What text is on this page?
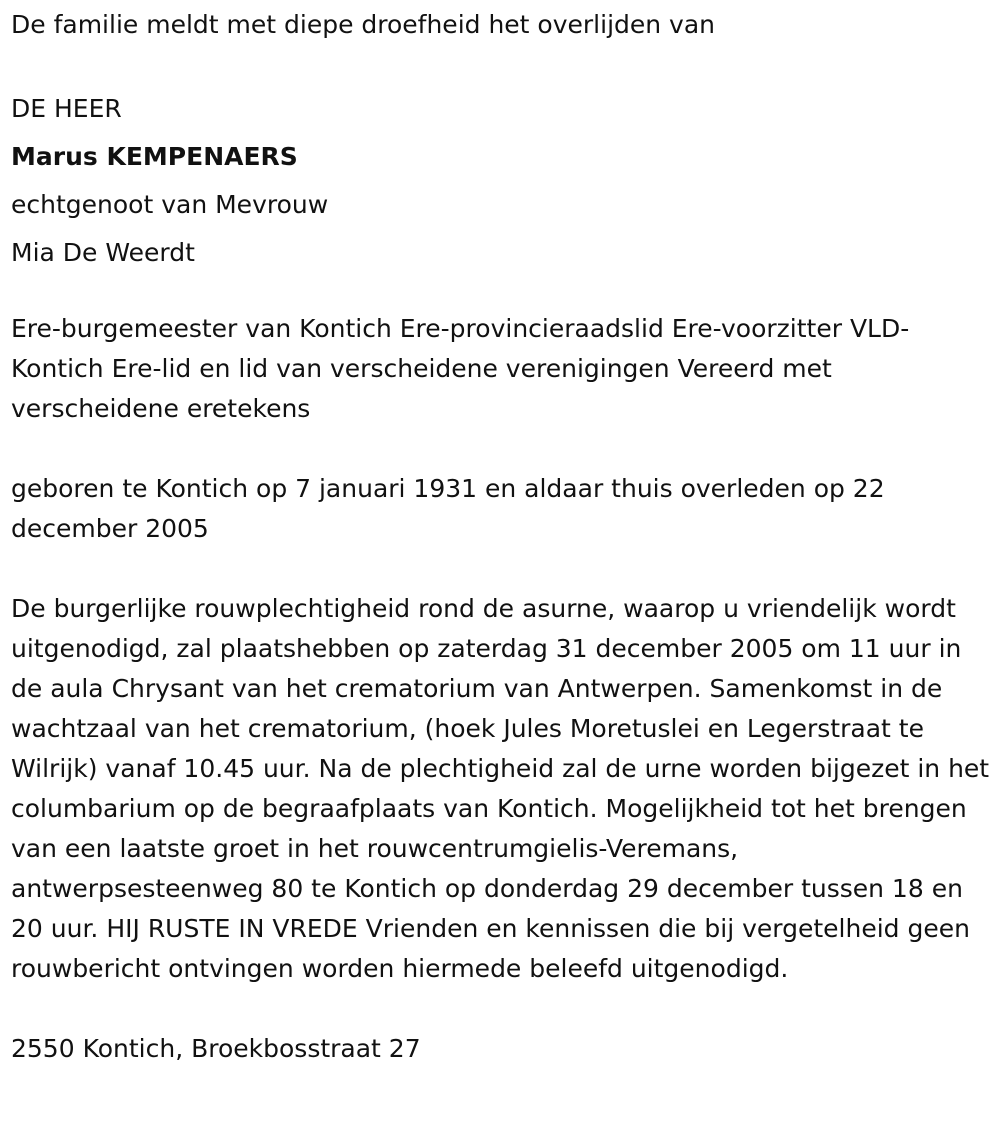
De familie meldt met diepe droefheid het overlijden van

DE HEER

Marus KEMPENAERS

echtgenoot van Mevrouw

Mia De Weerdt

Ere-burgemeester van Kontich Ere-provincieraadslid Ere-voorzitter VLD-Kontich Ere-lid en lid van verscheidene verenigingen Vereerd met verscheidene eretekens

geboren te Kontich op 7 januari 1931 en aldaar thuis overleden op 22 december 2005

De burgerlijke rouwplechtigheid rond de asurne, waarop u vriendelijk wordt uitgenodigd, zal plaatshebben op zaterdag 31 december 2005 om 11 uur in de aula Chrysant van het crematorium van Antwerpen. Samenkomst in de wachtzaal van het crematorium, (hoek Jules Moretuslei en Legerstraat te Wilrijk) vanaf 10.45 uur. Na de plechtigheid zal de urne worden bijgezet in het columbarium op de begraafplaats van Kontich. Mogelijkheid tot het brengen van een laatste groet in het rouwcentrumgielis-Veremans, antwerpsesteenweg 80 te Kontich op donderdag 29 december tussen 18 en 20 uur. HIJ RUSTE IN VREDE Vrienden en kennissen die bij vergetelheid geen rouwbericht ontvingen worden hiermede beleefd uitgenodigd.

2550 Kontich, Broekbosstraat 27
